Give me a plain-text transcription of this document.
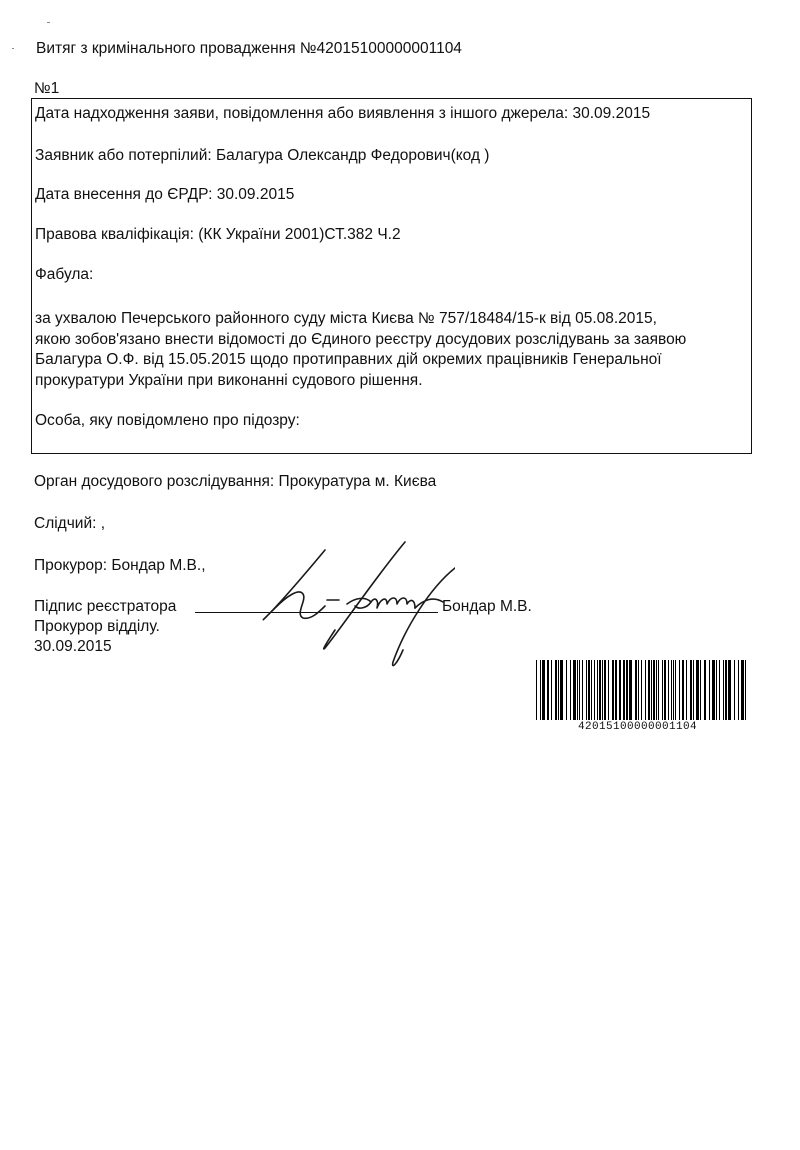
Витяг з кримінального провадження №42015100000001104
№1
Дата надходження заяви, повідомлення або виявлення з іншого джерела: 30.09.2015
Заявник або потерпілий: Балагура Олександр Федорович(код )
Дата внесення до ЄРДР: 30.09.2015
Правова кваліфікація: (КК України 2001)СТ.382 Ч.2
Фабула:
за ухвалою Печерського районного суду міста Києва № 757/18484/15-к від 05.08.2015,
якою зобов'язано внести відомості до Єдиного реєстру досудових розслідувань за заявою
Балагура О.Ф. від 15.05.2015 щодо протиправних дій окремих працівників Генеральної
прокуратури України при виконанні судового рішення.
Особа, яку повідомлено про підозру:
Орган досудового розслідування: Прокуратура м. Києва
Слідчий: ,
Прокурор: Бондар М.В.,
Підпис реєстратора	Бондар М.В.
Прокурор відділу.
30.09.2015
42015100000001104
